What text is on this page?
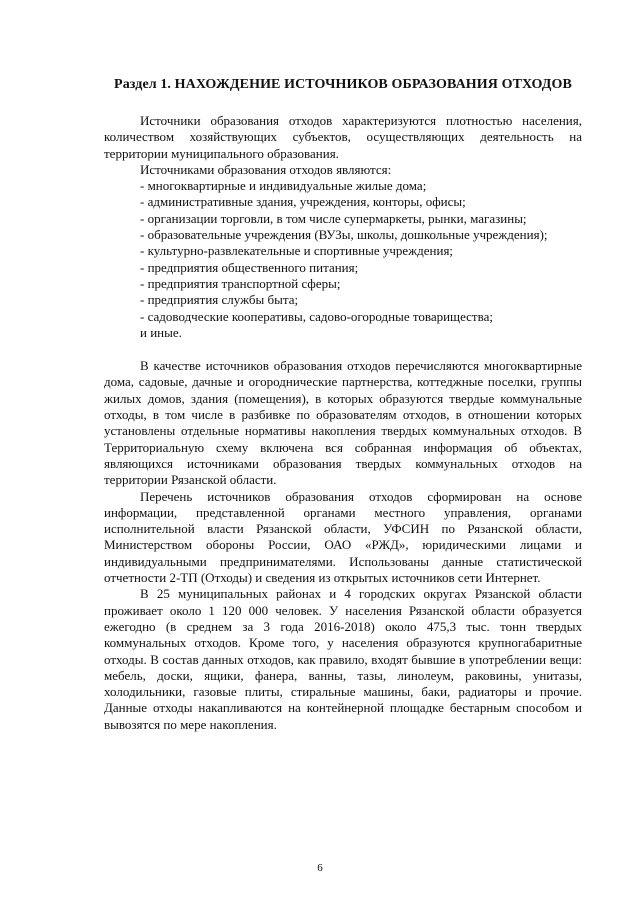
Раздел 1. НАХОЖДЕНИЕ ИСТОЧНИКОВ ОБРАЗОВАНИЯ ОТХОДОВ

Источники образования отходов характеризуются плотностью населения, количеством хозяйствующих субъектов, осуществляющих деятельность на территории муниципального образования.

Источниками образования отходов являются:

- многоквартирные и индивидуальные жилые дома;
- административные здания, учреждения, конторы, офисы;
- организации торговли, в том числе супермаркеты, рынки, магазины;
- образовательные учреждения (ВУЗы, школы, дошкольные учреждения);
- культурно-развлекательные и спортивные учреждения;
- предприятия общественного питания;
- предприятия транспортной сферы;
- предприятия службы быта;
- садоводческие кооперативы, садово-огородные товарищества;
и иные.

В качестве источников образования отходов перечисляются многоквартирные дома, садовые, дачные и огороднические партнерства, коттеджные поселки, группы жилых домов, здания (помещения), в которых образуются твердые коммунальные отходы, в том числе в разбивке по образователям отходов, в отношении которых установлены отдельные нормативы накопления твердых коммунальных отходов. В Территориальную схему включена вся собранная информация об объектах, являющихся источниками образования твердых коммунальных отходов на территории Рязанской области.

Перечень источников образования отходов сформирован на основе информации, представленной органами местного управления, органами исполнительной власти Рязанской области, УФСИН по Рязанской области, Министерством обороны России, ОАО «РЖД», юридическими лицами и индивидуальными предпринимателями. Использованы данные статистической отчетности 2-ТП (Отходы) и сведения из открытых источников сети Интернет.

В 25 муниципальных районах и 4 городских округах Рязанской области проживает около 1 120 000 человек. У населения Рязанской области образуется ежегодно (в среднем за 3 года 2016-2018) около 475,3 тыс. тонн твердых коммунальных отходов. Кроме того, у населения образуются крупногабаритные отходы. В состав данных отходов, как правило, входят бывшие в употреблении вещи: мебель, доски, ящики, фанера, ванны, тазы, линолеум, раковины, унитазы, холодильники, газовые плиты, стиральные машины, баки, радиаторы и прочие. Данные отходы накапливаются на контейнерной площадке бестарным способом и вывозятся по мере накопления.

6
